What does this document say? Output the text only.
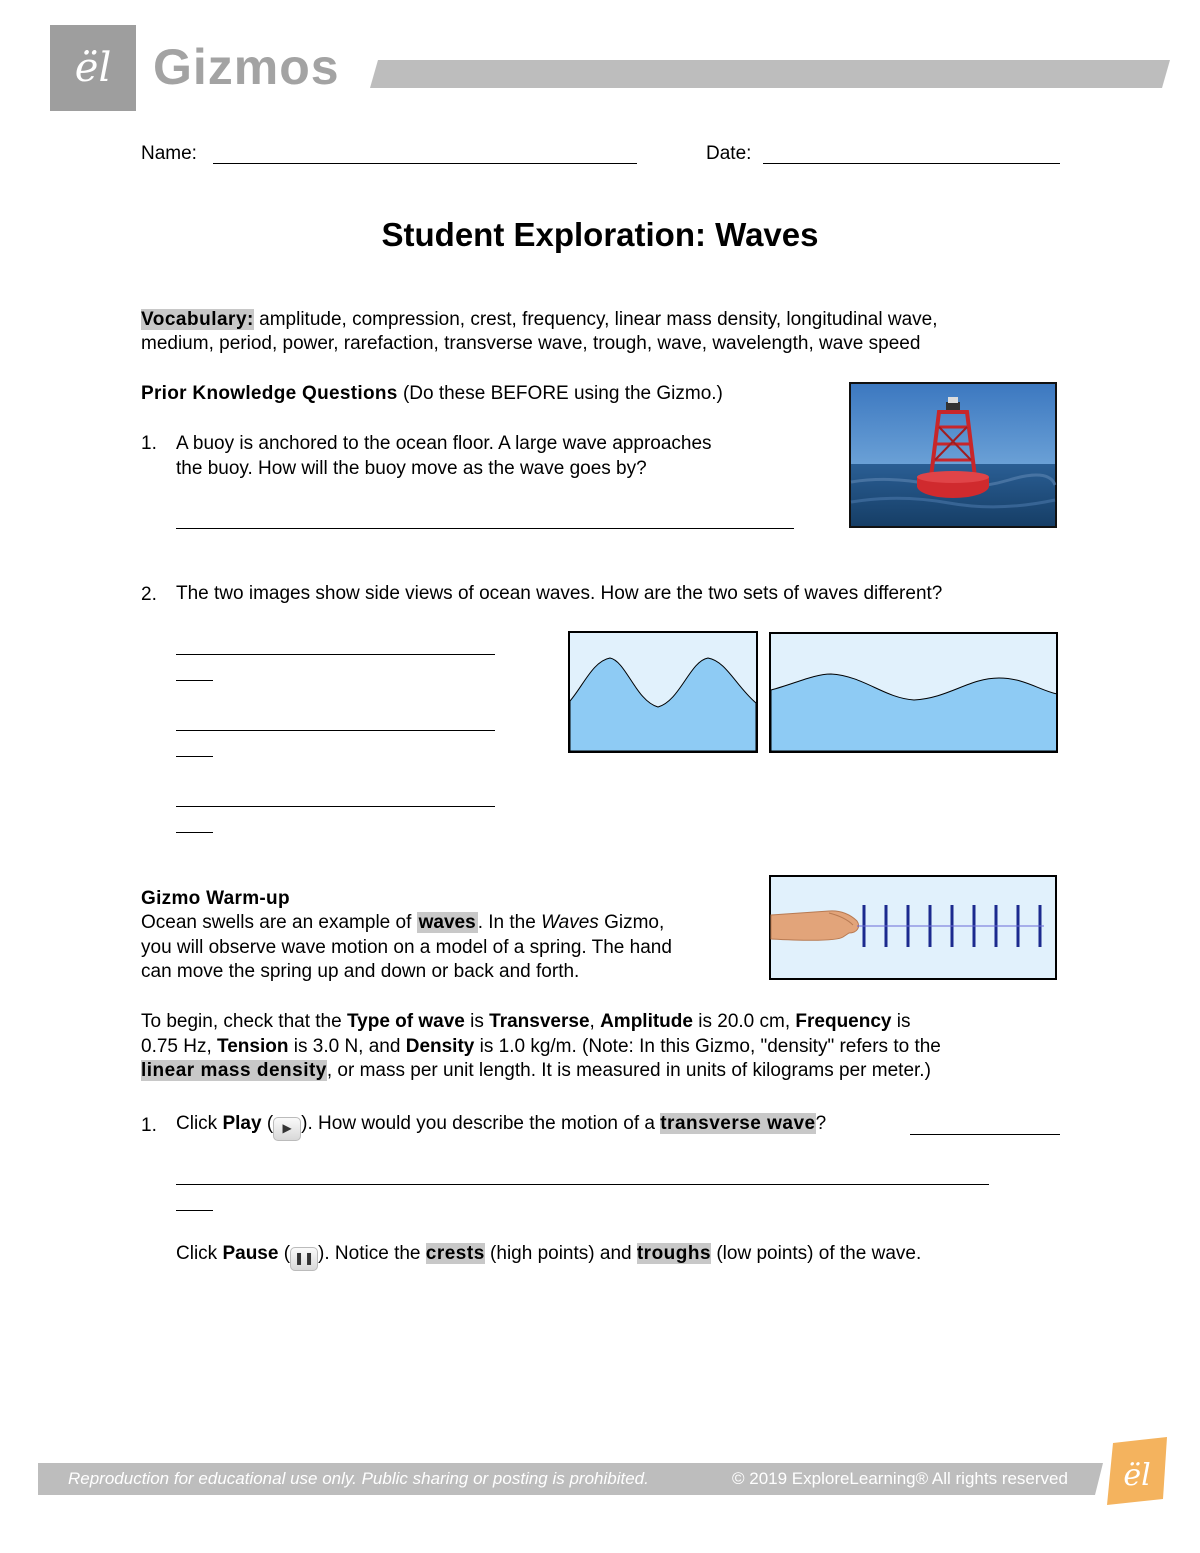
ël Gizmos
Name:	Date:
Student Exploration: Waves
Vocabulary: amplitude, compression, crest, frequency, linear mass density, longitudinal wave,
medium, period, power, rarefaction, transverse wave, trough, wave, wavelength, wave speed
Prior Knowledge Questions (Do these BEFORE using the Gizmo.)
1. A buoy is anchored to the ocean floor. A large wave approaches
the buoy. How will the buoy move as the wave goes by?
2. The two images show side views of ocean waves. How are the two sets of waves different?
Gizmo Warm-up
Ocean swells are an example of waves . In the Waves Gizmo,
you will observe wave motion on a model of a spring. The hand
can move the spring up and down or back and forth.
To begin, check that the Type of wave is Transverse, Amplitude is 20.0 cm, Frequency is
0.75 Hz, Tension is 3.0 N, and Density is 1.0 kg/m. (Note: In this Gizmo, "density" refers to the
linear mass density, or mass per unit length. It is measured in units of kilograms per meter.)
1. Click Play ( ▶ ). How would you describe the motion of a transverse wave?
Click Pause ( ❚❚ ). Notice the crests (high points) and troughs (low points) of the wave.
Reproduction for educational use only. Public sharing or posting is prohibited.	© 2019 ExploreLearning® All rights reserved ël
